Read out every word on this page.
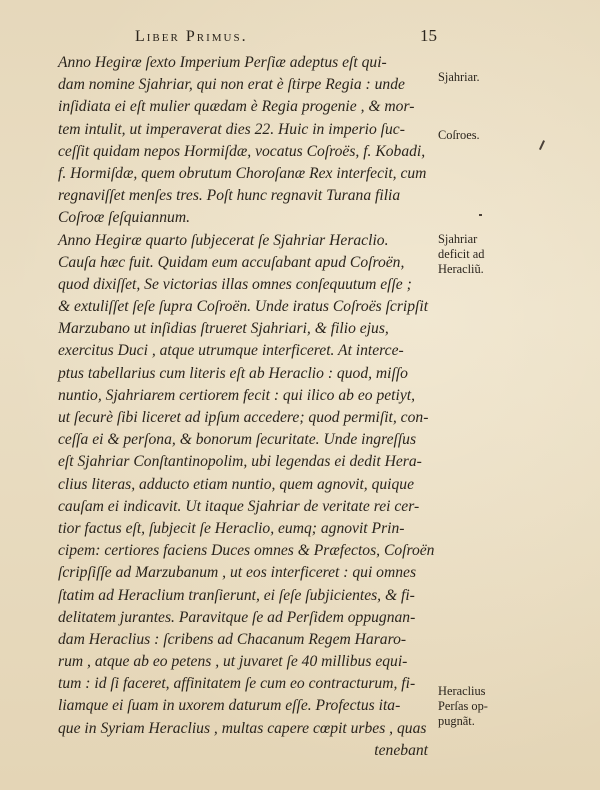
Liber Primus.	15
Anno Hegiræ ſexto Imperium Perſiæ adeptus eſt qui-
dam nomine Sjahriar, qui non erat è ſtirpe Regia : unde
inſidiata ei eſt mulier quædam è Regia progenie , & mor-
tem intulit, ut imperaverat dies 22. Huic in imperio ſuc-
ceſſit quidam nepos Hormiſdæ, vocatus Coſroës, f. Kobadi,
f. Hormiſdæ, quem obrutum Choroſanæ Rex interfecit, cum
regnaviſſet menſes tres. Poſt hunc regnavit Turana filia
Coſroæ ſeſquiannum.
Anno Hegiræ quarto ſubjecerat ſe Sjahriar Heraclio.
Cauſa hæc fuit. Quidam eum accuſabant apud Coſroën,
quod dixiſſet, Se victorias illas omnes conſequutum eſſe ;
& extuliſſet ſeſe ſupra Coſroën. Unde iratus Coſroës ſcripſit
Marzubano ut inſidias ſtrueret Sjahriari, & filio ejus,
exercitus Duci , atque utrumque interficeret. At interce-
ptus tabellarius cum literis eſt ab Heraclio : quod, miſſo
nuntio, Sjahriarem certiorem fecit : qui ilico ab eo petiyt,
ut ſecurè ſibi liceret ad ipſum accedere; quod permiſit, con-
ceſſa ei & perſona, & bonorum ſecuritate. Unde ingreſſus
eſt Sjahriar Conſtantinopolim, ubi legendas ei dedit Hera-
clius literas, adducto etiam nuntio, quem agnovit, quique
cauſam ei indicavit. Ut itaque Sjahriar de veritate rei cer-
tior factus eſt, ſubjecit ſe Heraclio, eumq; agnovit Prin-
cipem: certiores faciens Duces omnes & Præfectos, Coſroën
ſcripſiſſe ad Marzubanum , ut eos interficeret : qui omnes
ſtatim ad Heraclium tranſierunt, ei ſeſe ſubjicientes, & fi-
delitatem jurantes. Paravitque ſe ad Perſidem oppugnan-
dam Heraclius : ſcribens ad Chacanum Regem Hararo-
rum , atque ab eo petens , ut juvaret ſe 40 millibus equi-
tum : id ſi faceret, affinitatem ſe cum eo contracturum, fi-
liamque ei ſuam in uxorem daturum eſſe. Profectus ita-
que in Syriam Heraclius , multas capere cœpit urbes , quas
tenebant
Sjahriar.
Coſroes.
Sjahriar
deficit ad
Heracliũ.
Heraclius
Perſas op-
pugnãt.
